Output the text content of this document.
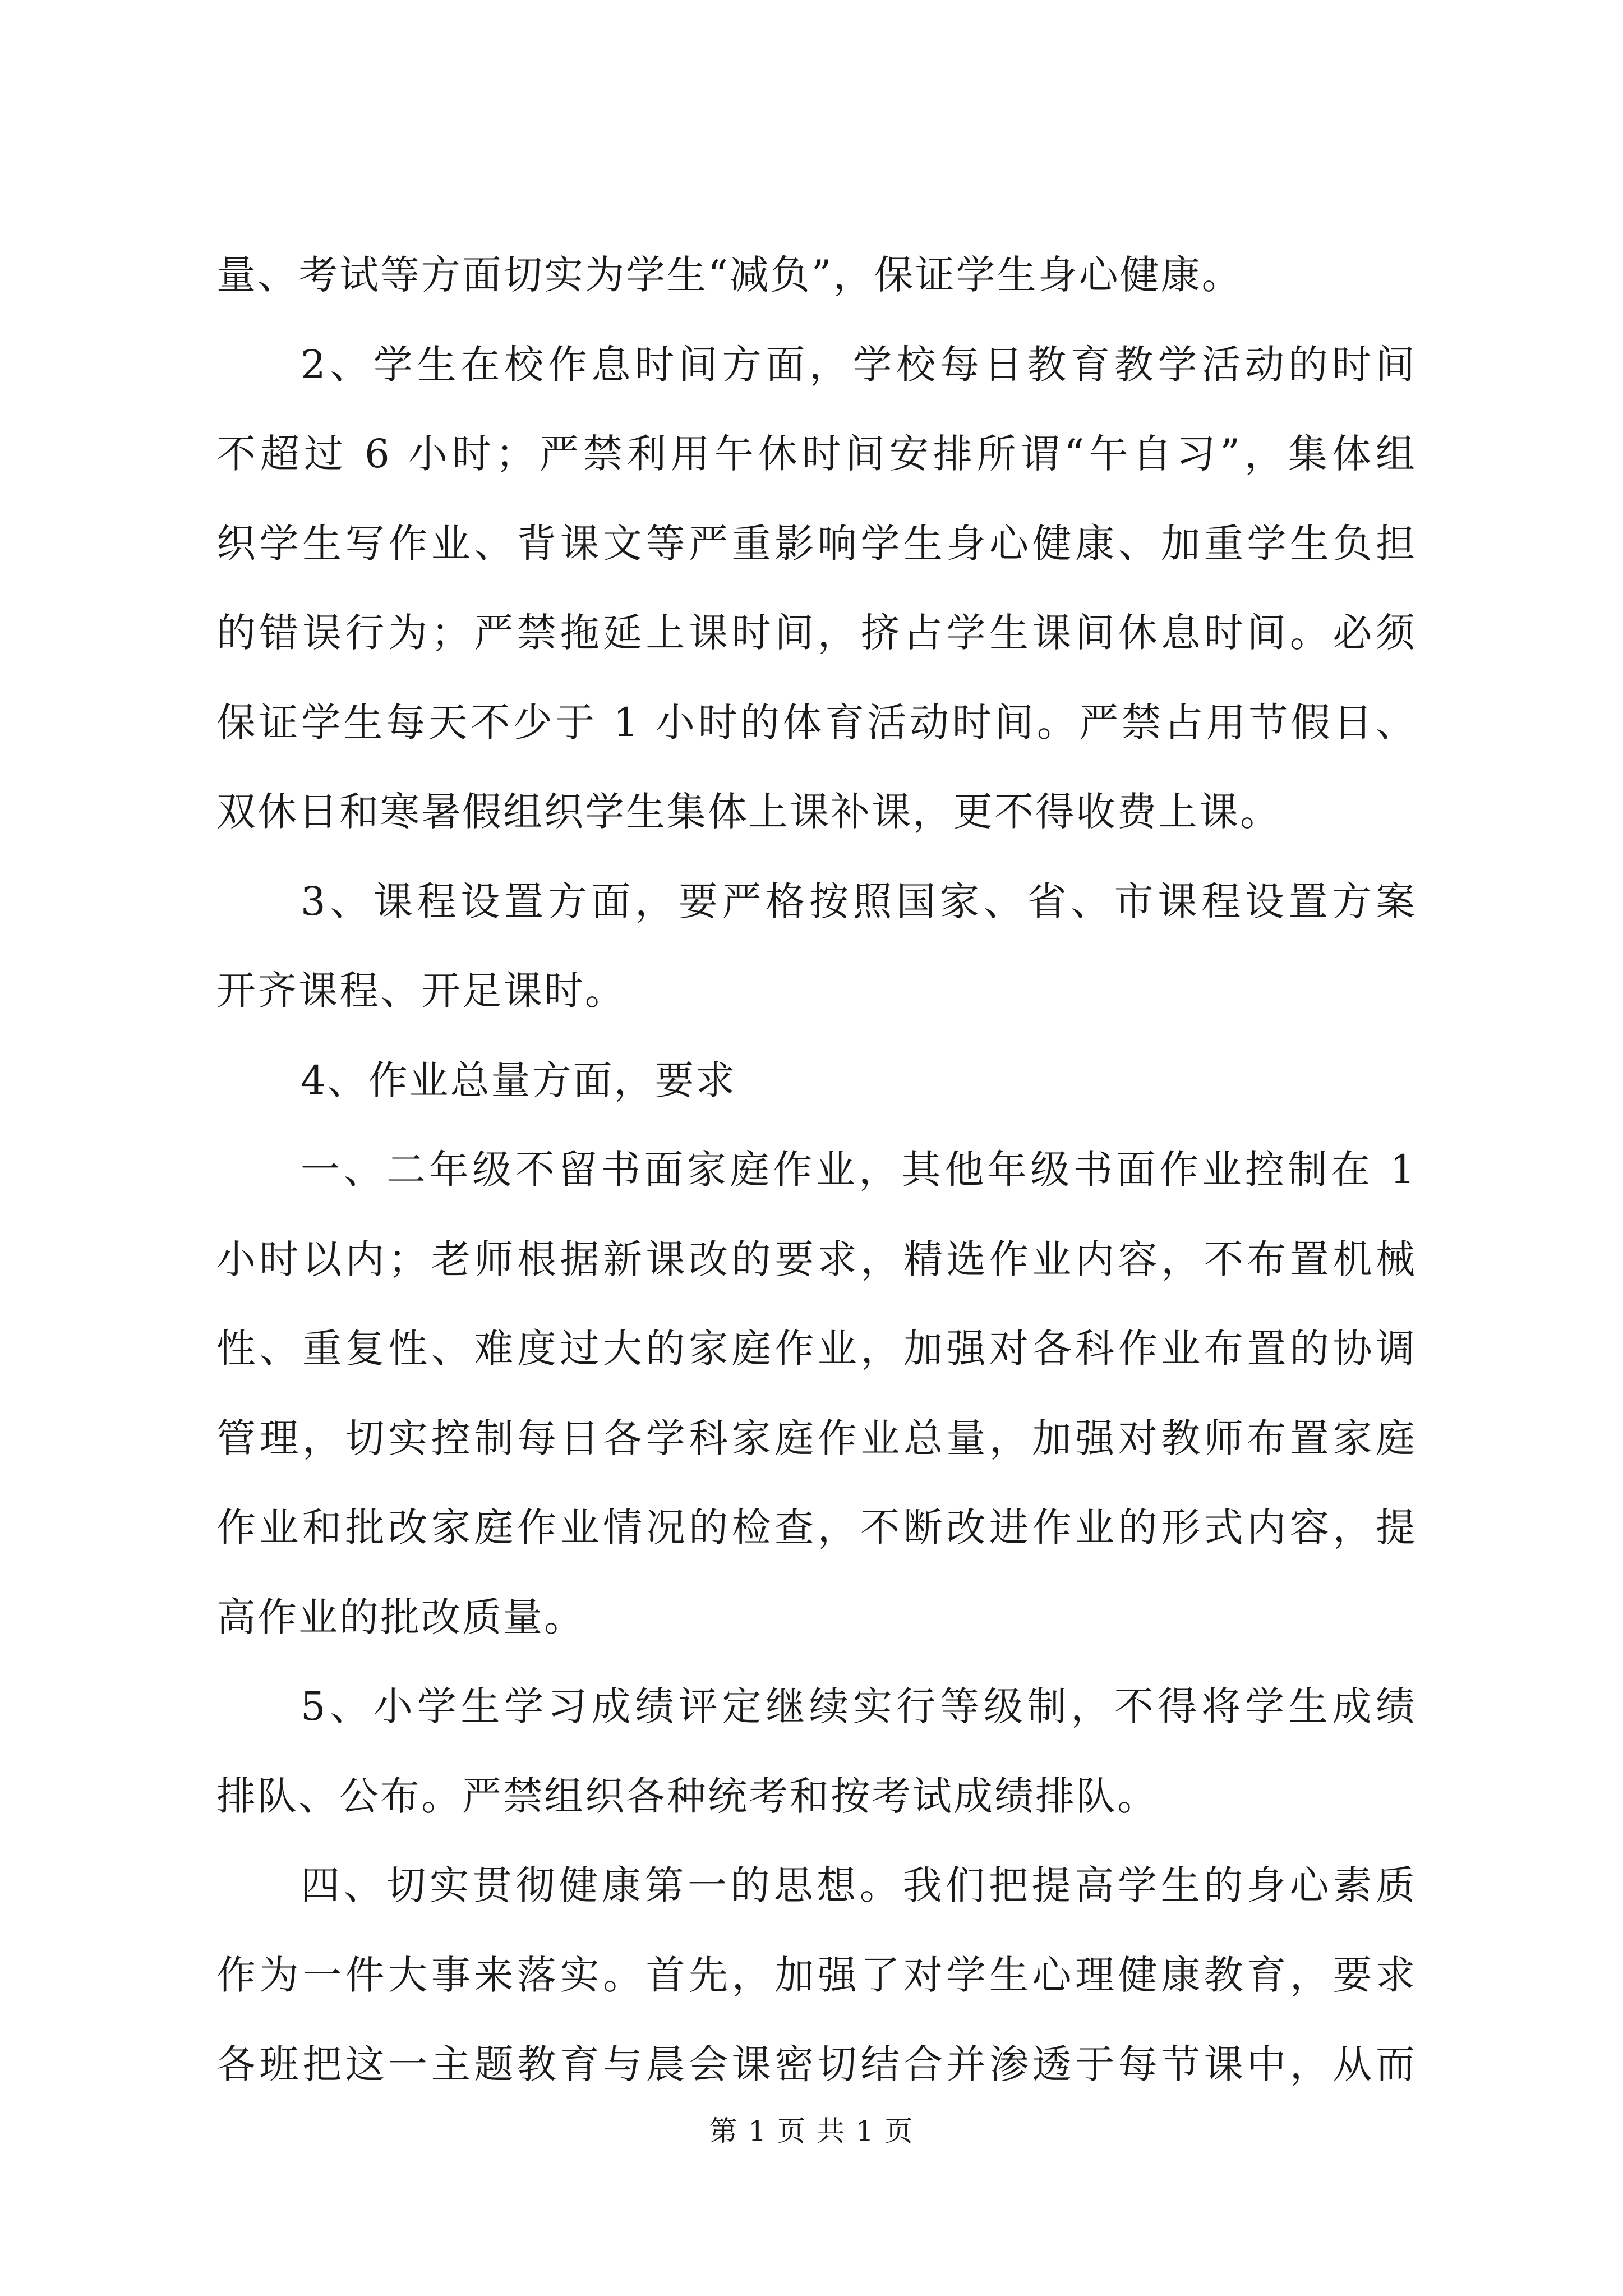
量、考试等方面切实为学生“减负”，保证学生身心健康。
2、学生在校作息时间方面，学校每日教育教学活动的时间
不超过 6 小时；严禁利用午休时间安排所谓“午自习”，集体组
织学生写作业、背课文等严重影响学生身心健康、加重学生负担
的错误行为；严禁拖延上课时间，挤占学生课间休息时间。必须
保证学生每天不少于 1 小时的体育活动时间。严禁占用节假日、
双休日和寒暑假组织学生集体上课补课，更不得收费上课。
3、课程设置方面，要严格按照国家、省、市课程设置方案
开齐课程、开足课时。
4、作业总量方面，要求
一、二年级不留书面家庭作业，其他年级书面作业控制在 1
小时以内；老师根据新课改的要求，精选作业内容，不布置机械
性、重复性、难度过大的家庭作业，加强对各科作业布置的协调
管理，切实控制每日各学科家庭作业总量，加强对教师布置家庭
作业和批改家庭作业情况的检查，不断改进作业的形式内容，提
高作业的批改质量。
5、小学生学习成绩评定继续实行等级制，不得将学生成绩
排队、公布。严禁组织各种统考和按考试成绩排队。
第 1 页 共 1 页
四、切实贯彻健康第一的思想。我们把提高学生的身心素质
作为一件大事来落实。首先，加强了对学生心理健康教育，要求
各班把这一主题教育与晨会课密切结合并渗透于每节课中，从而
